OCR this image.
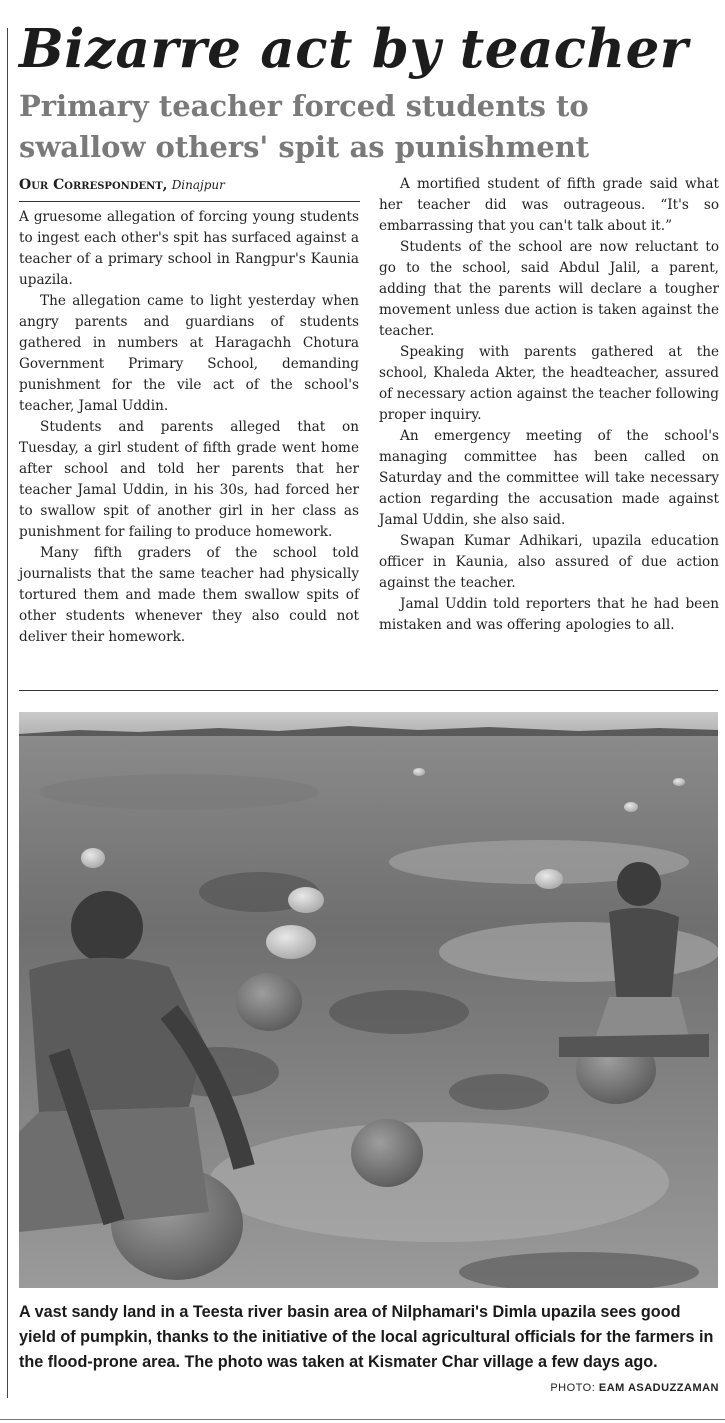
Bizarre act by teacher
Primary teacher forced students to swallow others' spit as punishment
Our Correspondent, Dinajpur

A gruesome allegation of forcing young students to ingest each other's spit has surfaced against a teacher of a primary school in Rangpur's Kaunia upazila.

The allegation came to light yesterday when angry parents and guardians of students gathered in numbers at Haragachh Chotura Government Primary School, demanding punishment for the vile act of the school's teacher, Jamal Uddin.

Students and parents alleged that on Tuesday, a girl student of fifth grade went home after school and told her parents that her teacher Jamal Uddin, in his 30s, had forced her to swallow spit of another girl in her class as punishment for failing to produce homework.

Many fifth graders of the school told journalists that the same teacher had physically tortured them and made them swallow spits of other students whenever they also could not deliver their homework.

A mortified student of fifth grade said what her teacher did was outrageous. “It's so embarrassing that you can't talk about it.”

Students of the school are now reluctant to go to the school, said Abdul Jalil, a parent, adding that the parents will declare a tougher movement unless due action is taken against the teacher.

Speaking with parents gathered at the school, Khaleda Akter, the headteacher, assured of necessary action against the teacher following proper inquiry.

An emergency meeting of the school's managing committee has been called on Saturday and the committee will take necessary action regarding the accusation made against Jamal Uddin, she also said.

Swapan Kumar Adhikari, upazila education officer in Kaunia, also assured of due action against the teacher.

Jamal Uddin told reporters that he had been mistaken and was offering apologies to all.

A vast sandy land in a Teesta river basin area of Nilphamari's Dimla upazila sees good yield of pumpkin, thanks to the initiative of the local agricultural officials for the farmers in the flood-prone area. The photo was taken at Kismater Char village a few days ago.

PHOTO: EAM ASADUZZAMAN
